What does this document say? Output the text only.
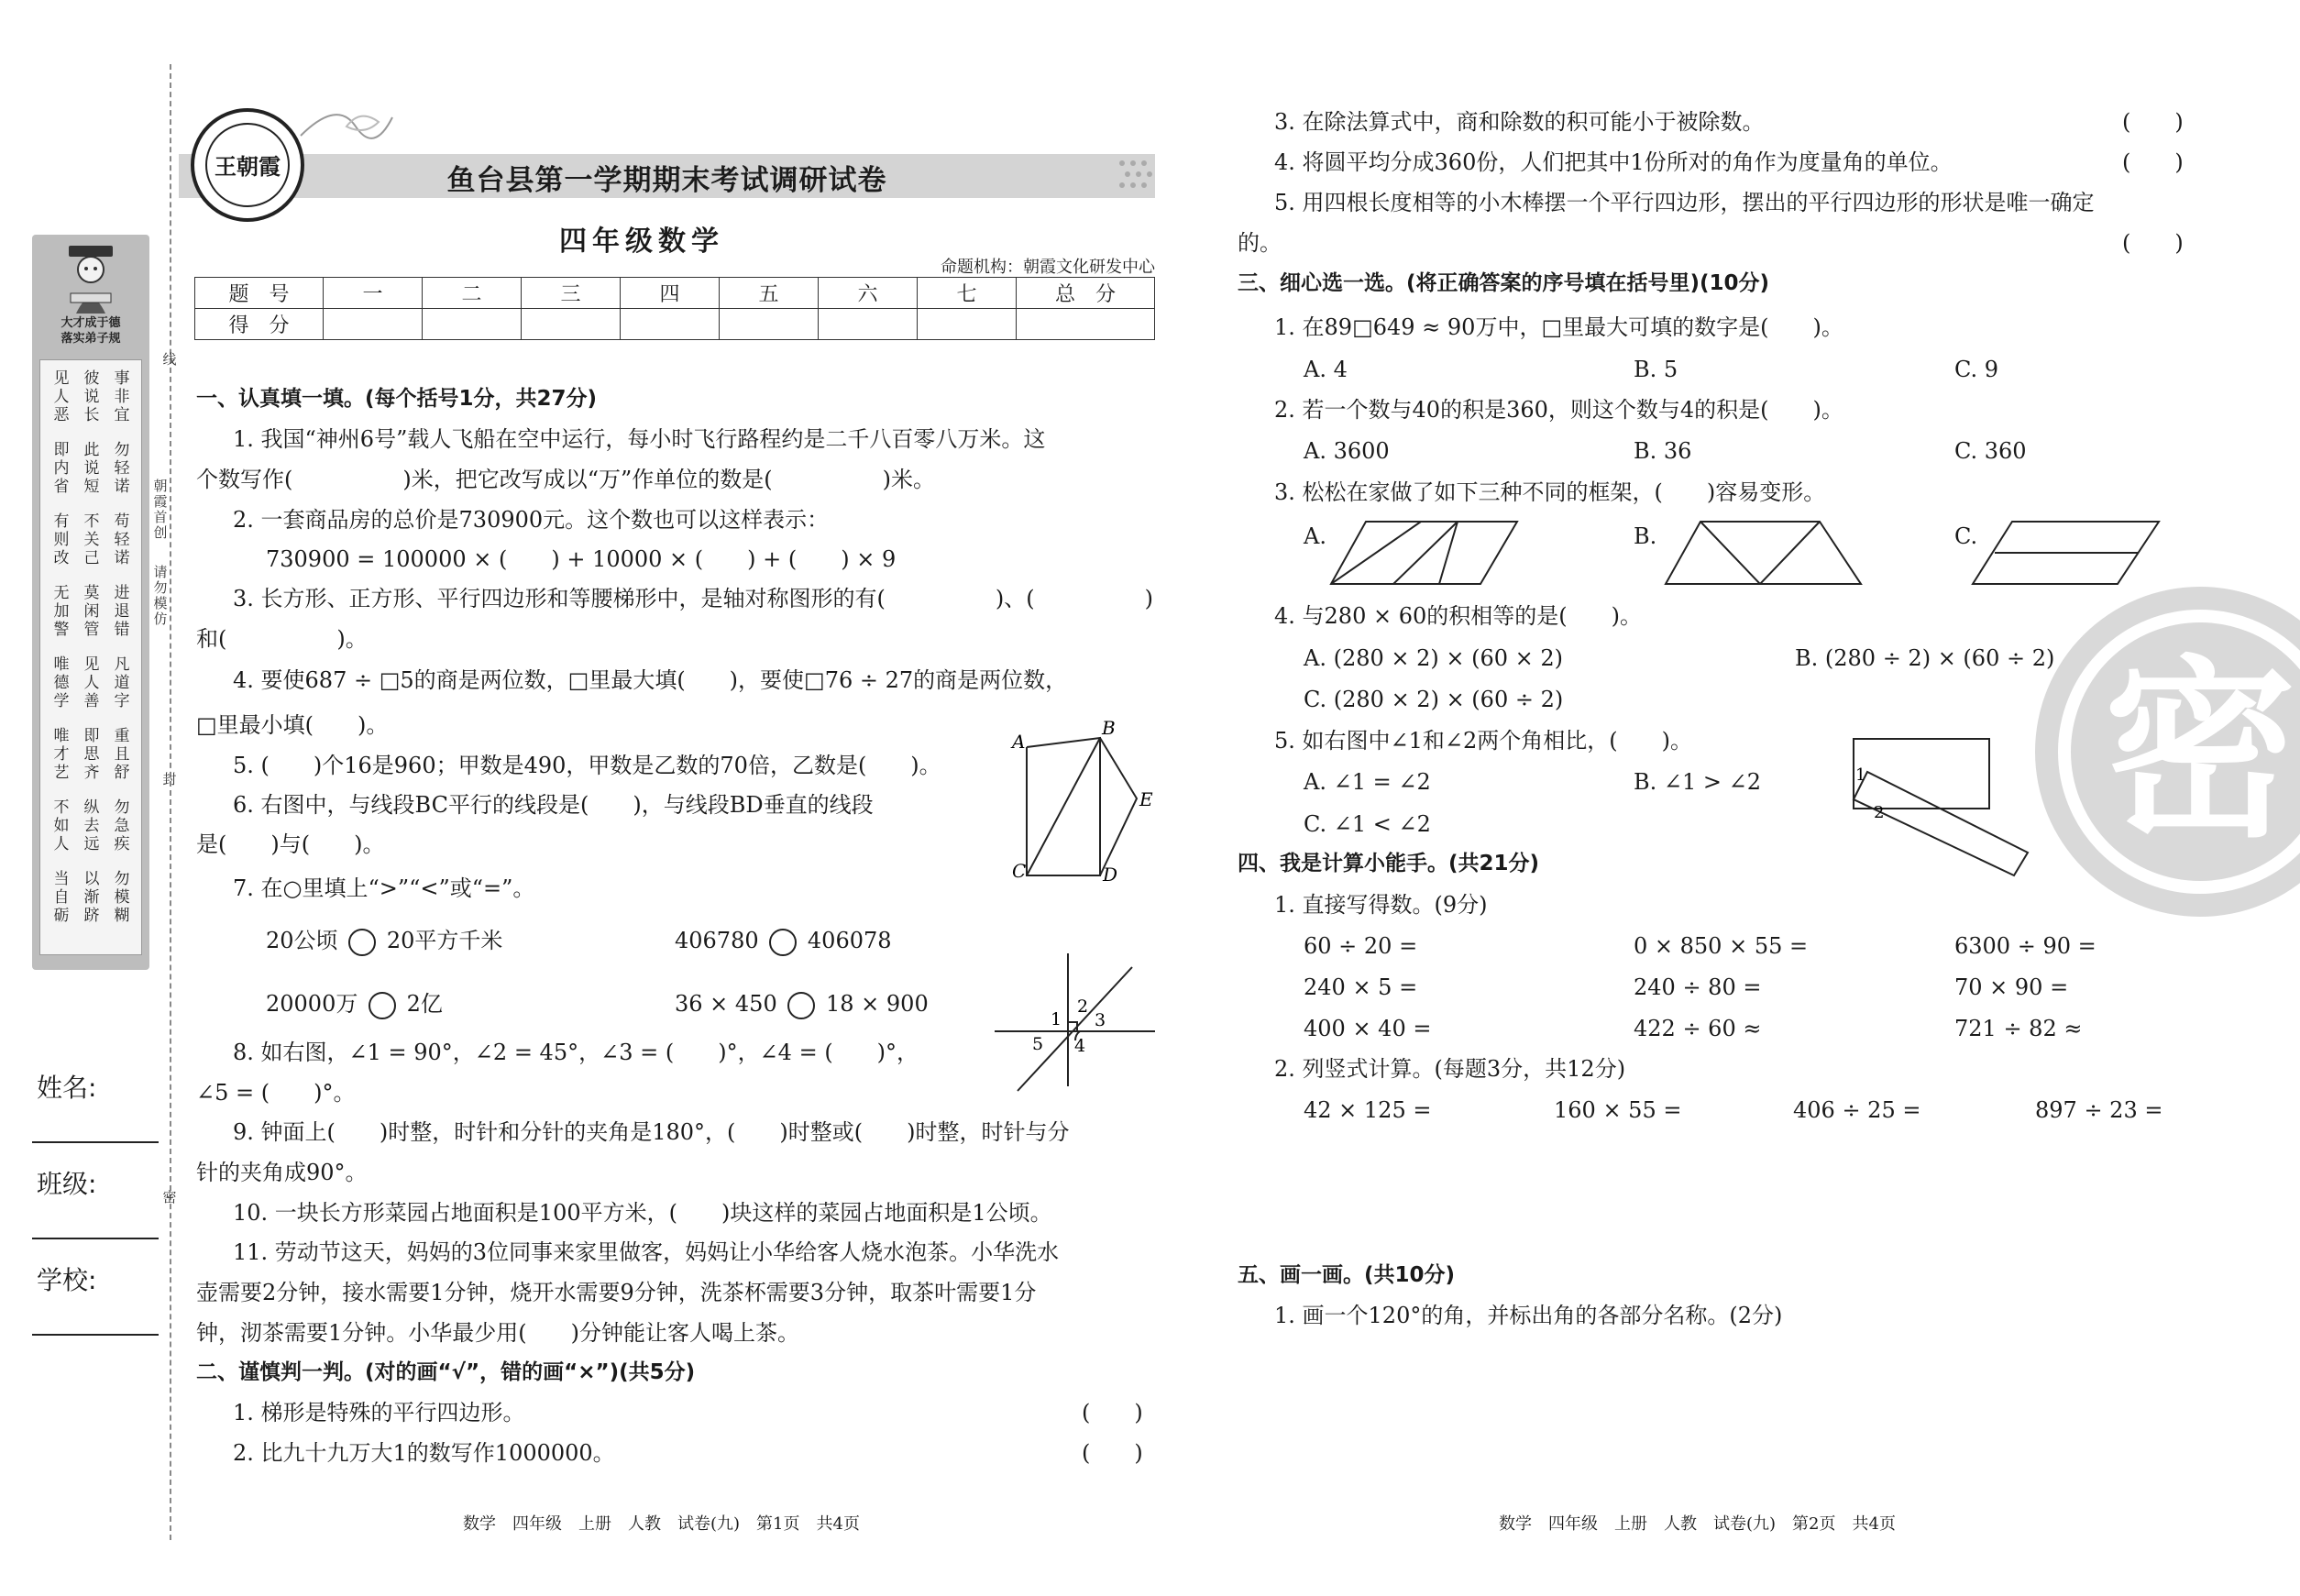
线
封
密
朝霞首创
请勿模仿
大才成于德
落实弟子规
见人恶
即内省
有则改
无加警
唯德学
唯才艺
不如人
当自砺
彼说长
此说短
不关己
莫闲管
见人善
即思齐
纵去远
以渐跻
事非宜
勿轻诺
苟轻诺
进退错
凡道字
重且舒
勿急疾
勿模糊
姓名:
班级:
学校:
王朝霞	鱼台县第一学期期末考试调研试卷
四年级数学
命题机构：朝霞文化研发中心
题　号	一	二	三	四	五	六	七	总　分
得　分								
一、认真填一填。(每个括号1分，共27分)
1. 我国“神州6号”载人飞船在空中运行，每小时飞行路程约是二千八百零八万米。这
个数写作(　　　　　)米，把它改写成以“万”作单位的数是(　　　　　)米。
2. 一套商品房的总价是730900元。这个数也可以这样表示：
730900 = 100000 × (　　) + 10000 × (　　) + (　　) × 9
3. 长方形、正方形、平行四边形和等腰梯形中，是轴对称图形的有(　　　　　)、(　　　　　)
和(　　　　　)。
4. 要使687 ÷ □5的商是两位数，□里最大填(　　)，要使□76 ÷ 27的商是两位数，
□里最小填(　　)。
5. (　　)个16是960；甲数是490，甲数是乙数的70倍，乙数是(　　)。
6. 右图中，与线段BC平行的线段是(　　)，与线段BD垂直的线段
是(　　)与(　　)。
7. 在○里填上“>”“<”或“=”。
20公顷 20平方千米	406780 406078
20000万 2亿	36 × 450 18 × 900
8. 如右图，∠1 = 90°，∠2 = 45°，∠3 = (　　)°，∠4 = (　　)°，
∠5 = (　　)°。
9. 钟面上(　　)时整，时针和分针的夹角是180°，(　　)时整或(　　)时整，时针与分
针的夹角成90°。
10. 一块长方形菜园占地面积是100平方米，(　　)块这样的菜园占地面积是1公顷。
11. 劳动节这天，妈妈的3位同事来家里做客，妈妈让小华给客人烧水泡茶。小华洗水
壶需要2分钟，接水需要1分钟，烧开水需要9分钟，洗茶杯需要3分钟，取茶叶需要1分
钟，沏茶需要1分钟。小华最少用(　　)分钟能让客人喝上茶。
二、谨慎判一判。(对的画“√”，错的画“×”)(共5分)
1. 梯形是特殊的平行四边形。	(　　)
2. 比九十九万大1的数写作1000000。	(　　)
A
B
C	D
E
1
2
3
4
5
密
3. 在除法算式中，商和除数的积可能小于被除数。	(　　)
4. 将圆平均分成360份，人们把其中1份所对的角作为度量角的单位。	(　　)
5. 用四根长度相等的小木棒摆一个平行四边形，摆出的平行四边形的形状是唯一确定
的。	(　　)
三、细心选一选。(将正确答案的序号填在括号里)(10分)
1. 在89□649 ≈ 90万中，□里最大可填的数字是(　　)。
A. 4	B. 5	C. 9
2. 若一个数与40的积是360，则这个数与4的积是(　　)。
A. 3600	B. 36	C. 360
3. 松松在家做了如下三种不同的框架，(　　)容易变形。
A.	B.	C.
4. 与280 × 60的积相等的是(　　)。
A. (280 × 2) × (60 × 2)	B. (280 ÷ 2) × (60 ÷ 2)
C. (280 × 2) × (60 ÷ 2)
5. 如右图中∠1和∠2两个角相比，(　　)。
A. ∠1 = ∠2	B. ∠1 > ∠2
C. ∠1 < ∠2
1
2
四、我是计算小能手。(共21分)
1. 直接写得数。(9分)
60 ÷ 20 =	0 × 850 × 55 =	6300 ÷ 90 =
240 × 5 =	240 ÷ 80 =	70 × 90 =
400 × 40 =	422 ÷ 60 ≈	721 ÷ 82 ≈
2. 列竖式计算。(每题3分，共12分)
42 × 125 =	160 × 55 =	406 ÷ 25 =	897 ÷ 23 =
五、画一画。(共10分)
1. 画一个120°的角，并标出角的各部分名称。(2分)
数学　四年级　上册　人教　试卷(九)　第1页　共4页	数学　四年级　上册　人教　试卷(九)　第2页　共4页
